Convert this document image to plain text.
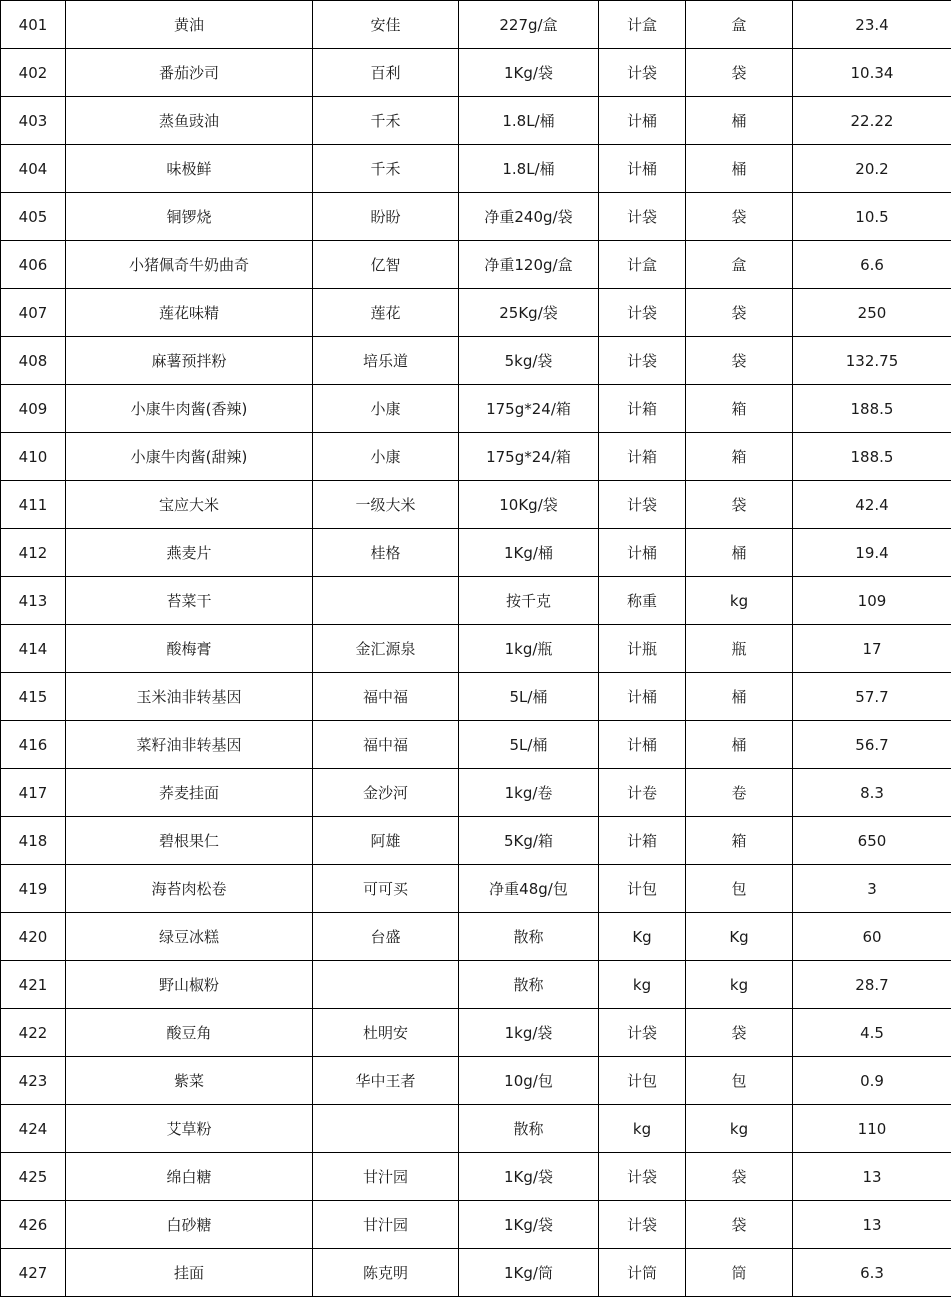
401	黄油	安佳	227g/盒	计盒	盒	23.4
402	番茄沙司	百利	1Kg/袋	计袋	袋	10.34
403	蒸鱼豉油	千禾	1.8L/桶	计桶	桶	22.22
404	味极鲜	千禾	1.8L/桶	计桶	桶	20.2
405	铜锣烧	盼盼	净重240g/袋	计袋	袋	10.5
406	小猪佩奇牛奶曲奇	亿智	净重120g/盒	计盒	盒	6.6
407	莲花味精	莲花	25Kg/袋	计袋	袋	250
408	麻薯预拌粉	培乐道	5kg/袋	计袋	袋	132.75
409	小康牛肉酱(香辣)	小康	175g*24/箱	计箱	箱	188.5
410	小康牛肉酱(甜辣)	小康	175g*24/箱	计箱	箱	188.5
411	宝应大米	一级大米	10Kg/袋	计袋	袋	42.4
412	燕麦片	桂格	1Kg/桶	计桶	桶	19.4
413	苔菜干		按千克	称重	kg	109
414	酸梅膏	金汇源泉	1kg/瓶	计瓶	瓶	17
415	玉米油非转基因	福中福	5L/桶	计桶	桶	57.7
416	菜籽油非转基因	福中福	5L/桶	计桶	桶	56.7
417	荞麦挂面	金沙河	1kg/卷	计卷	卷	8.3
418	碧根果仁	阿雄	5Kg/箱	计箱	箱	650
419	海苔肉松卷	可可买	净重48g/包	计包	包	3
420	绿豆冰糕	台盛	散称	Kg	Kg	60
421	野山椒粉		散称	kg	kg	28.7
422	酸豆角	杜明安	1kg/袋	计袋	袋	4.5
423	紫菜	华中王者	10g/包	计包	包	0.9
424	艾草粉		散称	kg	kg	110
425	绵白糖	甘汁园	1Kg/袋	计袋	袋	13
426	白砂糖	甘汁园	1Kg/袋	计袋	袋	13
427	挂面	陈克明	1Kg/筒	计筒	筒	6.3
